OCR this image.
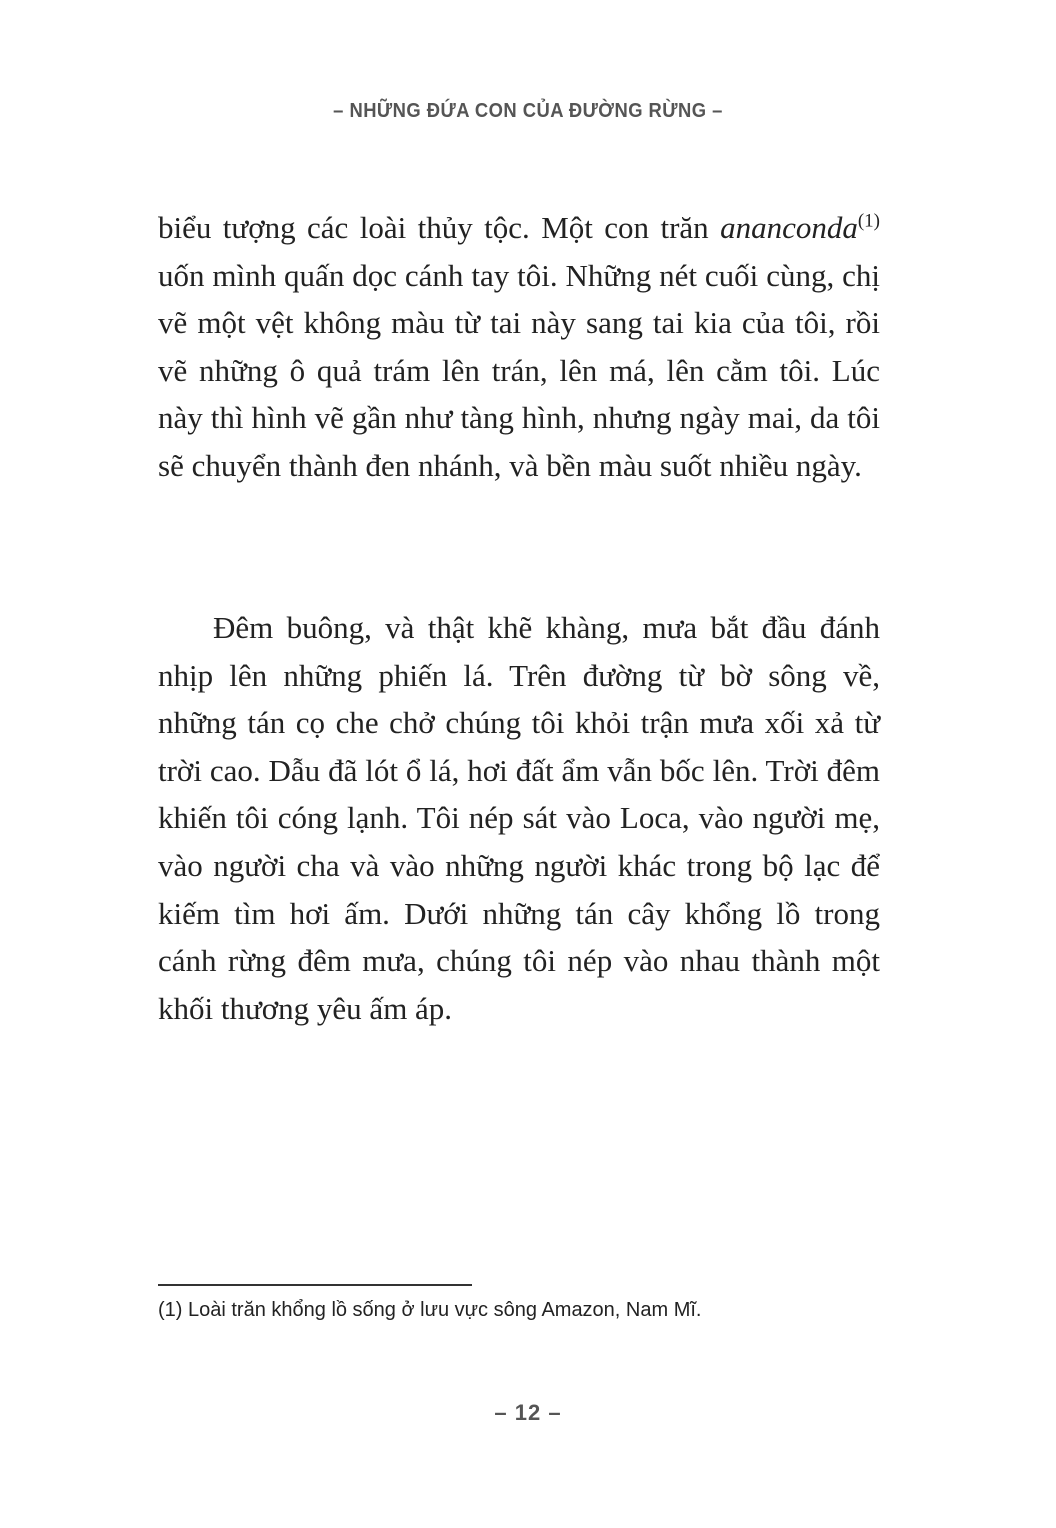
– NHỮNG ĐỨA CON CỦA ĐƯỜNG RỪNG –

biểu tượng các loài thủy tộc. Một con trăn ananconda$^{(1)}$ uốn mình quấn dọc cánh tay tôi. Những nét cuối cùng, chị vẽ một vệt không màu từ tai này sang tai kia của tôi, rồi vẽ những ô quả trám lên trán, lên má, lên cằm tôi. Lúc này thì hình vẽ gần như tàng hình, nhưng ngày mai, da tôi sẽ chuyển thành đen nhánh, và bền màu suốt nhiều ngày.

Đêm buông, và thật khẽ khàng, mưa bắt đầu đánh nhịp lên những phiến lá. Trên đường từ bờ sông về, những tán cọ che chở chúng tôi khỏi trận mưa xối xả từ trời cao. Dẫu đã lót ổ lá, hơi đất ẩm vẫn bốc lên. Trời đêm khiến tôi cóng lạnh. Tôi nép sát vào Loca, vào người mẹ, vào người cha và vào những người khác trong bộ lạc để kiếm tìm hơi ấm. Dưới những tán cây khổng lồ trong cánh rừng đêm mưa, chúng tôi nép vào nhau thành một khối thương yêu ấm áp.

(1) Loài trăn khổng lồ sống ở lưu vực sông Amazon, Nam Mĩ.

– 12 –
